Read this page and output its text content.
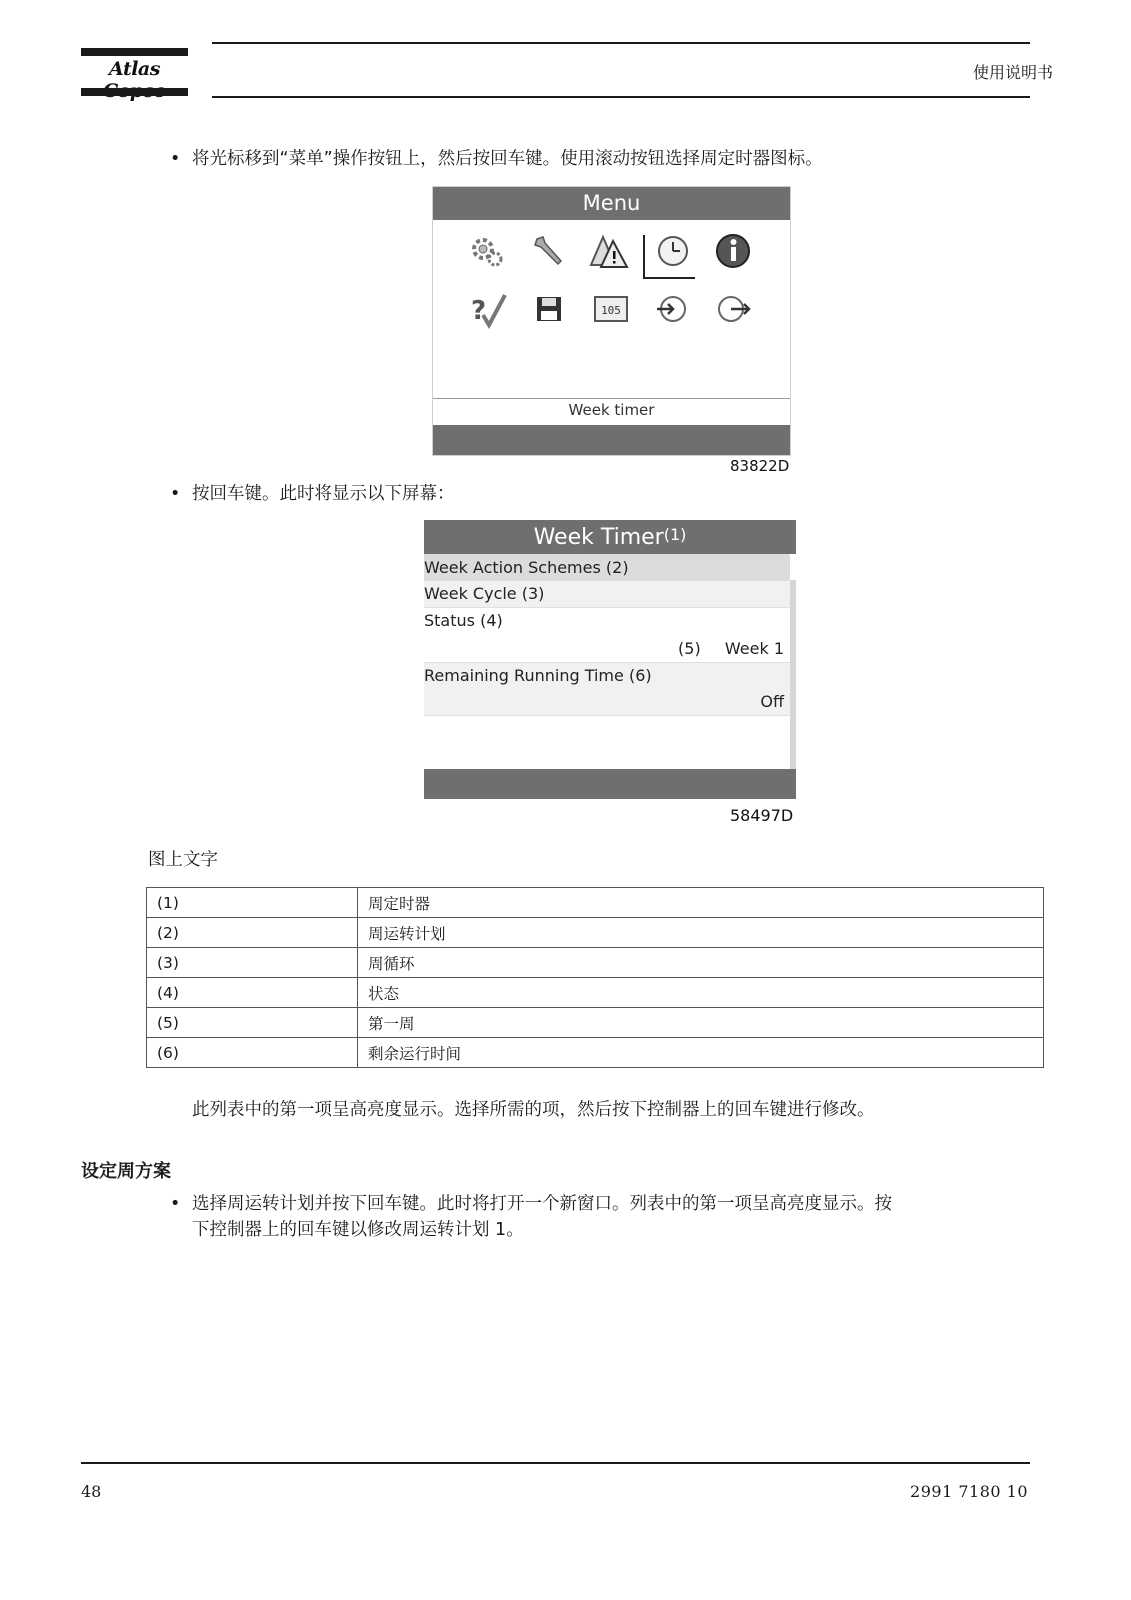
Atlas	使用说明书
• 将光标移到“菜单”操作按钮上，然后按回车键。使用滚动按钮选择周定时器图标。
Menu
?	105
Week timer
83822D
• 按回车键。此时将显示以下屏幕：
Week Timer$^{(1)}$
Week Action Schemes (2)
Week Cycle (3)
Status (4)
(5) Week 1
Remaining Running Time (6)
Off
58497D
图上文字
(1)	周定时器
(2)	周运转计划
(3)	周循环
(4)	状态
(5)	第一周
(6)	剩余运行时间
此列表中的第一项呈高亮度显示。选择所需的项，然后按下控制器上的回车键进行修改。
设定周方案
• 选择周运转计划并按下回车键。此时将打开一个新窗口。列表中的第一项呈高亮度显示。按
下控制器上的回车键以修改周运转计划 1。
48	2991 7180 10
